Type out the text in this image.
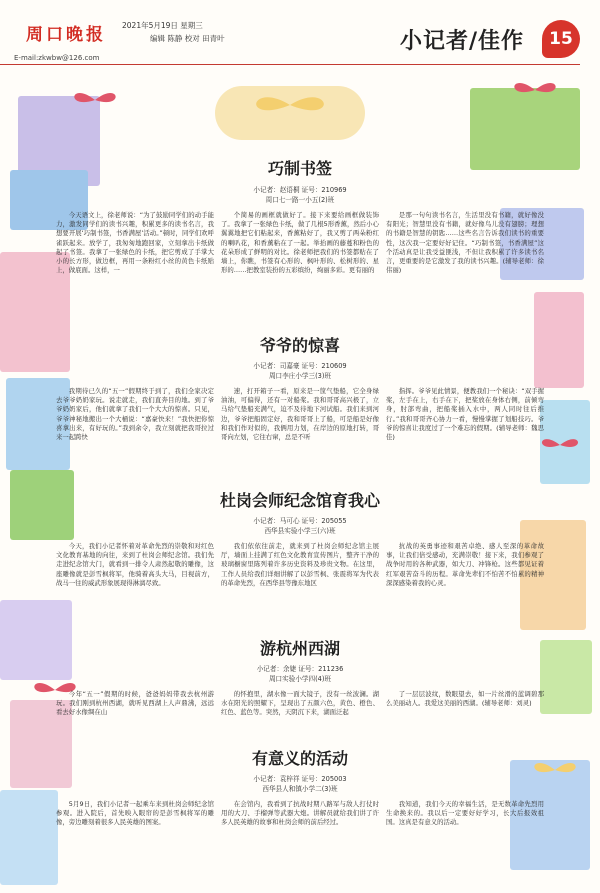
周口晚报
E-mail:zkwbw@126.com
2021年5月19日 星期三
编辑 陈静 校对 田青叶	小记者/佳作	15
巧制书签
小记者：赵语桐 证号：210969
周口七一路一小五(2)班

今天语文上，徐老师说：“为了鼓励同学们的动手能力，激发同学们的读书兴趣，积累更多的读书名言，我想要开展‘巧制书签，书香满屋’活动。”顿时，同学们欢呼雀跃起来。放学了，我匆匆地跑回家，立刻拿出卡纸做起了书签。我拿了一张绿色的卡纸，把它剪成了手掌大小的长方形，做边框，再用一条粉红小丝的黄色卡纸贴上，做底面。这样，一

个简易的画框就做好了。接下来要给画框做装饰了。我拿了一张绿色卡纸，做了几根5形香薰，然后小心翼翼地把它们粘起来，香薰粘好了，我又剪了两朵粉红的喇叭花，和香薰粘在了一起。举抬画的藤蔓和粉色的花朵形成了鲜明的对比。徐老师把我们的书签都贴在了墙上，你瞧，书签有心形的、枫叶形的、松树形的、星形的……把教室装扮的五彩缤纷，绚丽多彩。更有丽的

是那一句句读书名言，生活里没有书籍，就好像没有阳光；智慧里没有书籍，就好像鸟儿没有翅膀；理想的书籍是智慧的钥匙……这些名言告诉我们读书的重要性，这次我一定要好好记住。“巧制书签，书香满屋”这个活动真是让我受益匪浅，不但让我积累了许多读书名言，更重要的是它激发了我的读书兴趣。(辅导老师：徐伟丽)

爷爷的惊喜
小记者：司嘉豪 证号：210609
周口李庄小学三(3)班

我期待已久的“五一”假期终于到了，我们全家决定去爷爷奶奶家玩。说走就走，我们直奔目的地。到了爷爷奶奶家后，他们就拿了我们一个大大的惊喜。只见，爷爷神秘地搬出一个大桶说：“嘉豪快来！”我快把你惊喜拿出来，有好玩的。”我到余令，我立刻就把我哥拉过来一起跨快

速，打开箱子一看，原来是一筐气垫船，它全身绿油油，可偏得，还有一对船桨。我和哥哥高兴极了，立马给气垫船充满气，迫不及待地下河试船。我们来到河边，爷爷把船固定好，我和哥哥上了船，可是船是好像和我们作对似的，我俩用力划，在岸边的原地打转，哥哥向左划，它往右窜，总是不听

指挥。爷爷见此情景，便教我们一个秘诀：“双手握桨，左手在上，右手在下，把桨放在身体右侧，前倾弯身，肘部弯曲，把船桨插入水中，两人同时往后推行。”我和哥哥齐心协力一看，慢慢掌握了划船技巧。爷爷的惊喜让我度过了一个难忘的假期。(辅导老师：魏思佳)

杜岗会师纪念馆育我心
小记者：马可心 证号：205055
西华县实验小学三(六)班

今天，我们小记者怀着对革命先烈的崇敬和对红色文化教育基地的向往，来到了杜岗会师纪念馆。我们先走进纪念馆大门，就看到一排令人肃然起敬的雕像，这座雕像就是彭雪枫将军，他骑着高头大马，目视前方，战马一往的威武形象展现得淋漓尽致。

我们依依往前走，就来到了杜岗会师纪念馆主展厅，墙面上挂满了红色文化教育宣传图片，整齐干净的玻璃橱窗里陈列着许多历史资料及珍贵文物。在这里，工作人员给我们详细讲解了以彭雪枫、张震将军为代表的革命先烈，在西华县等豫东地区

抗战的英勇事迹和艰苦卓绝、感人至深的革命故事，让我们倍受感动，充满崇敬！接下来，我们参观了战争时用的各种武器，如大刀、冲锋枪。这些都见证着红军艰苦奋斗的历程。革命先辈们不怕苦不怕累的精神深深感染着我的心灵。

游杭州西湖
小记者：余婕 证号：211236
周口实验小学四(4)班

今年“五一”假期的时候，爸爸妈妈带我去杭州游玩。我们刚到杭州西湖，就听见西湖上人声鼎沸，远远看去好水像绸在山

的怀抱里，湖水像一面大镜子，没有一丝波澜。湖水在阳光的照耀下，呈现出了五颜六色，黄色、橙色、红色、蓝色等。突然，天阴沉下来，湖面泛起

了一层层波纹，数眼望去，如一片丝滑的蓝调碧那么美丽动人。我爱这美丽的西湖。(辅导老师：刘灵)

有意义的活动
小记者：袁梓祥 证号：205003
西华县人和镇小学二(3)班

5月9日，我们小记者一起乘车来到杜岗会师纪念馆参观。进入院后，首先映入眼帘的是彭雪枫将军的雕像，旁边雕刻着很多人民英雄的图案。

在会馆内，我看到了抗战时期八路军与敌人打仗时用的大刀、手榴弹等武器大炮。讲解员就给我们讲了许多人民英雄的故事和杜岗会师的前后经过。

我知道，我们今天的幸福生活，是无数革命先烈用生命换来的。我以后一定要好好学习，长大后报效祖国。这真是有意义的活动。
